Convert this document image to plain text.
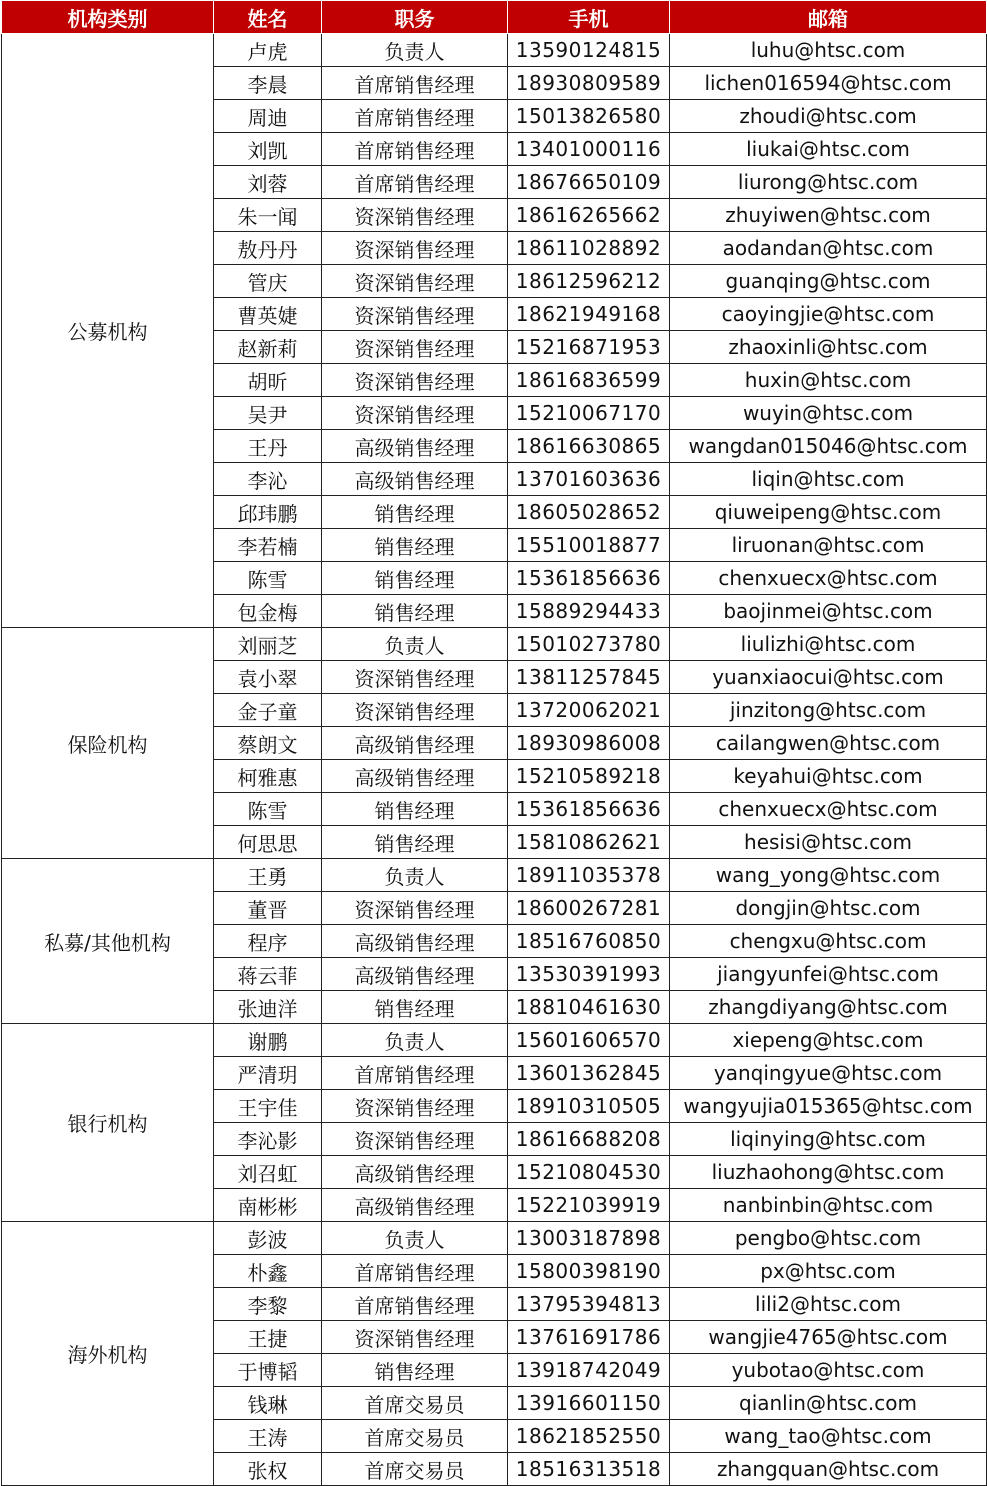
机构类别	姓名	职务	手机	邮箱
公募机构	卢虎	负责人	13590124815	luhu@htsc.com
	李晨	首席销售经理	18930809589	lichen016594@htsc.com
	周迪	首席销售经理	15013826580	zhoudi@htsc.com
	刘凯	首席销售经理	13401000116	liukai@htsc.com
	刘蓉	首席销售经理	18676650109	liurong@htsc.com
	朱一闻	资深销售经理	18616265662	zhuyiwen@htsc.com
	敖丹丹	资深销售经理	18611028892	aodandan@htsc.com
	管庆	资深销售经理	18612596212	guanqing@htsc.com
	曹英婕	资深销售经理	18621949168	caoyingjie@htsc.com
	赵新莉	资深销售经理	15216871953	zhaoxinli@htsc.com
	胡昕	资深销售经理	18616836599	huxin@htsc.com
	吴尹	资深销售经理	15210067170	wuyin@htsc.com
	王丹	高级销售经理	18616630865	wangdan015046@htsc.com
	李沁	高级销售经理	13701603636	liqin@htsc.com
	邱玮鹏	销售经理	18605028652	qiuweipeng@htsc.com
	李若楠	销售经理	15510018877	liruonan@htsc.com
	陈雪	销售经理	15361856636	chenxuecx@htsc.com
	包金梅	销售经理	15889294433	baojinmei@htsc.com
保险机构	刘丽芝	负责人	15010273780	liulizhi@htsc.com
	袁小翠	资深销售经理	13811257845	yuanxiaocui@htsc.com
	金子童	资深销售经理	13720062021	jinzitong@htsc.com
	蔡朗文	高级销售经理	18930986008	cailangwen@htsc.com
	柯雅惠	高级销售经理	15210589218	keyahui@htsc.com
	陈雪	销售经理	15361856636	chenxuecx@htsc.com
	何思思	销售经理	15810862621	hesisi@htsc.com
私募/其他机构	王勇	负责人	18911035378	wang_yong@htsc.com
	董晋	资深销售经理	18600267281	dongjin@htsc.com
	程序	高级销售经理	18516760850	chengxu@htsc.com
	蒋云菲	高级销售经理	13530391993	jiangyunfei@htsc.com
	张迪洋	销售经理	18810461630	zhangdiyang@htsc.com
银行机构	谢鹏	负责人	15601606570	xiepeng@htsc.com
	严清玥	首席销售经理	13601362845	yanqingyue@htsc.com
	王宇佳	资深销售经理	18910310505	wangyujia015365@htsc.com
	李沁影	资深销售经理	18616688208	liqinying@htsc.com
	刘召虹	高级销售经理	15210804530	liuzhaohong@htsc.com
	南彬彬	高级销售经理	15221039919	nanbinbin@htsc.com
海外机构	彭波	负责人	13003187898	pengbo@htsc.com
	朴鑫	首席销售经理	15800398190	px@htsc.com
	李黎	首席销售经理	13795394813	lili2@htsc.com
	王捷	资深销售经理	13761691786	wangjie4765@htsc.com
	于博韬	销售经理	13918742049	yubotao@htsc.com
	钱琳	首席交易员	13916601150	qianlin@htsc.com
	王涛	首席交易员	18621852550	wang_tao@htsc.com
	张权	首席交易员	18516313518	zhangquan@htsc.com
